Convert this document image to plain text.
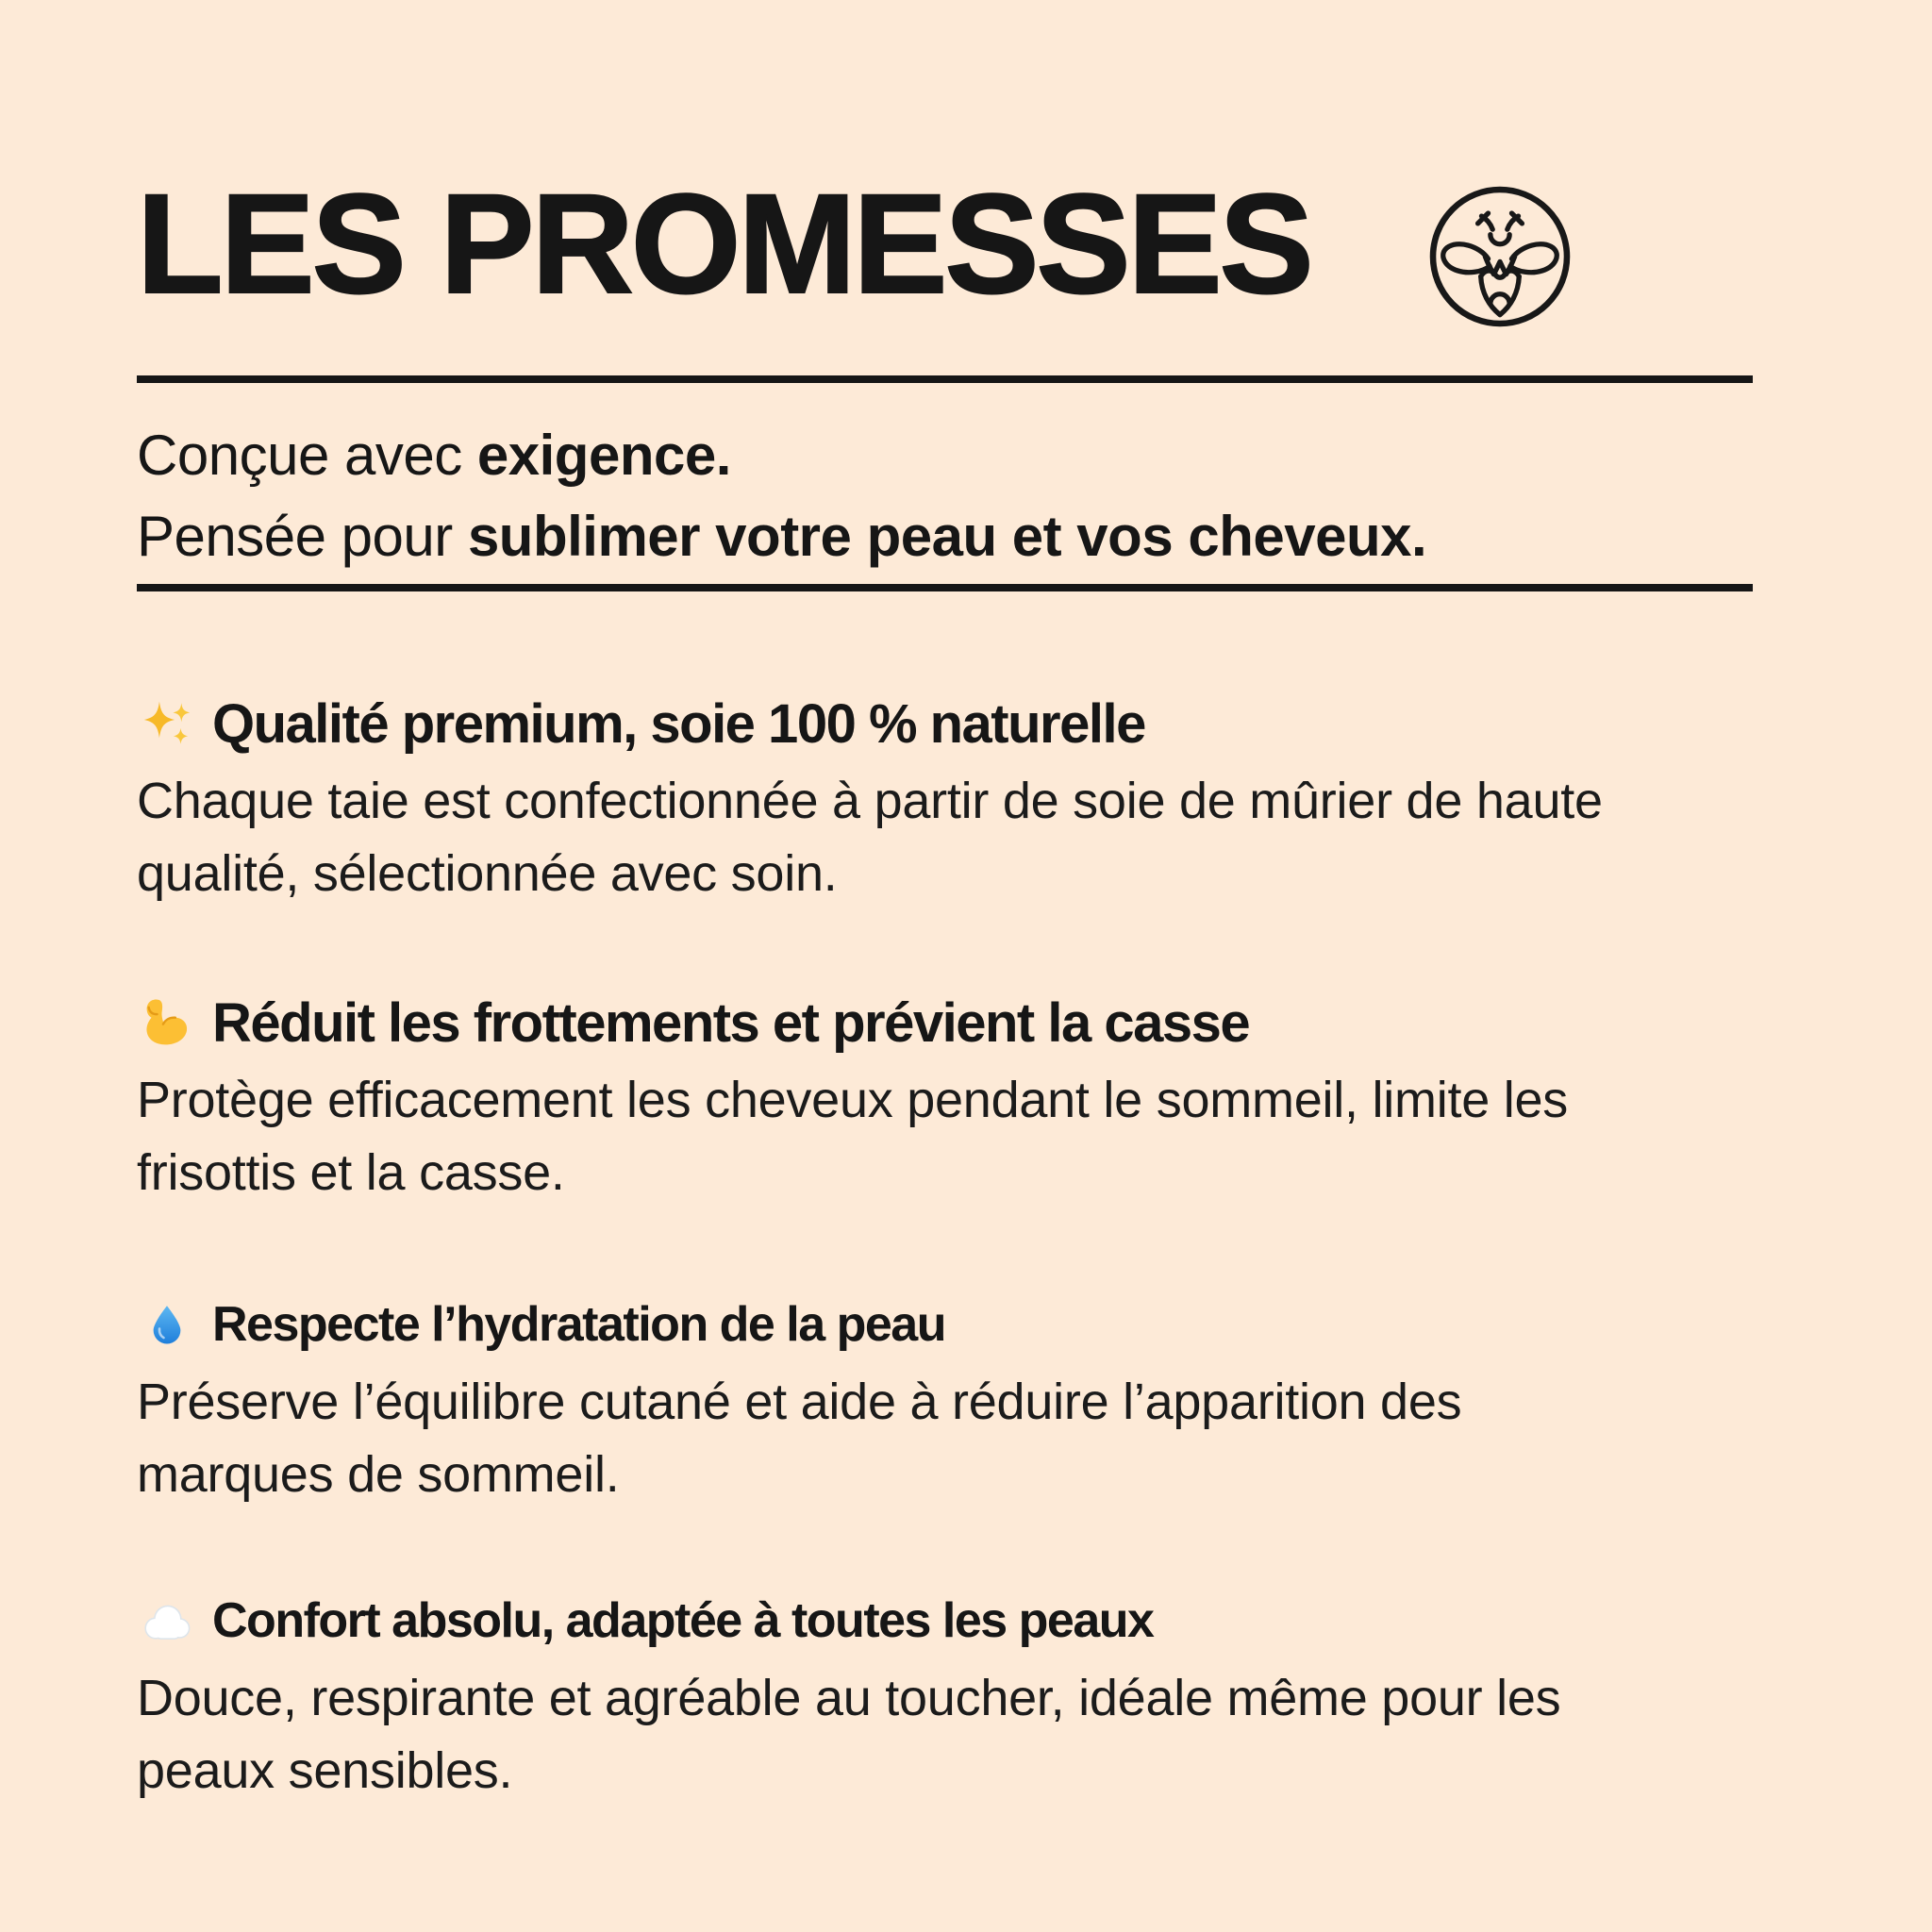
LES PROMESSES

Conçue avec exigence.
Pensée pour sublimer votre peau et vos cheveux.

Qualité premium, soie 100 % naturelle

Chaque taie est confectionnée à partir de soie de mûrier de haute
qualité, sélectionnée avec soin.

Réduit les frottements et prévient la casse

Protège efficacement les cheveux pendant le sommeil, limite les
frisottis et la casse.

Respecte l’hydratation de la peau

Préserve l’équilibre cutané et aide à réduire l’apparition des
marques de sommeil.

Confort absolu, adaptée à toutes les peaux

Douce, respirante et agréable au toucher, idéale même pour les
peaux sensibles.
